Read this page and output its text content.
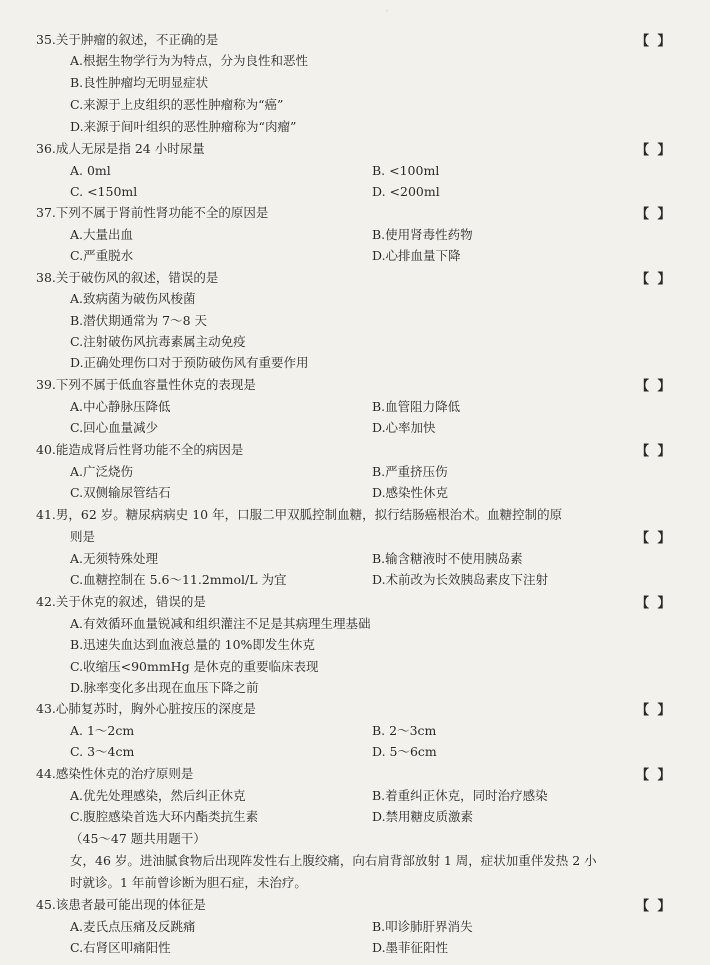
·
35.关于肿瘤的叙述，不正确的是	【 】
A.根据生物学行为为特点，分为良性和恶性
B.良性肿瘤均无明显症状
C.来源于上皮组织的恶性肿瘤称为“癌”
D.来源于间叶组织的恶性肿瘤称为“肉瘤”
36.成人无尿是指 24 小时尿量	【 】
A. 0ml	B. <100ml
C. <150ml	D. <200ml
37.下列不属于肾前性肾功能不全的原因是	【 】
A.大量出血	B.使用肾毒性药物
C.严重脱水	D.心排血量下降
38.关于破伤风的叙述，错误的是	【 】
A.致病菌为破伤风梭菌
B.潜伏期通常为 7～8 天
C.注射破伤风抗毒素属主动免疫
D.正确处理伤口对于预防破伤风有重要作用
39.下列不属于低血容量性休克的表现是	【 】
A.中心静脉压降低	B.血管阻力降低
C.回心血量减少	D.心率加快
40.能造成肾后性肾功能不全的病因是	【 】
A.广泛烧伤	B.严重挤压伤
C.双侧输尿管结石	D.感染性休克
41.男，62 岁。糖尿病病史 10 年，口服二甲双胍控制血糖，拟行结肠癌根治术。血糖控制的原
则是	【 】
A.无须特殊处理	B.输含糖液时不使用胰岛素
C.血糖控制在 5.6～11.2mmol/L 为宜	D.术前改为长效胰岛素皮下注射
42.关于休克的叙述，错误的是	【 】
A.有效循环血量锐减和组织灌注不足是其病理生理基础
B.迅速失血达到血液总量的 10%即发生休克
C.收缩压<90mmHg 是休克的重要临床表现
D.脉率变化多出现在血压下降之前
43.心肺复苏时，胸外心脏按压的深度是	【 】
A. 1～2cm	B. 2～3cm
C. 3～4cm	D. 5～6cm
44.感染性休克的治疗原则是	【 】
A.优先处理感染，然后纠正休克	B.着重纠正休克，同时治疗感染
C.腹腔感染首选大环内酯类抗生素	D.禁用糖皮质激素
（45～47 题共用题干）
女，46 岁。进油腻食物后出现阵发性右上腹绞痛，向右肩背部放射 1 周，症状加重伴发热 2 小
时就诊。1 年前曾诊断为胆石症，未治疗。
45.该患者最可能出现的体征是	【 】
A.麦氏点压痛及反跳痛	B.叩诊肺肝界消失
C.右肾区叩痛阳性	D.墨菲征阳性
